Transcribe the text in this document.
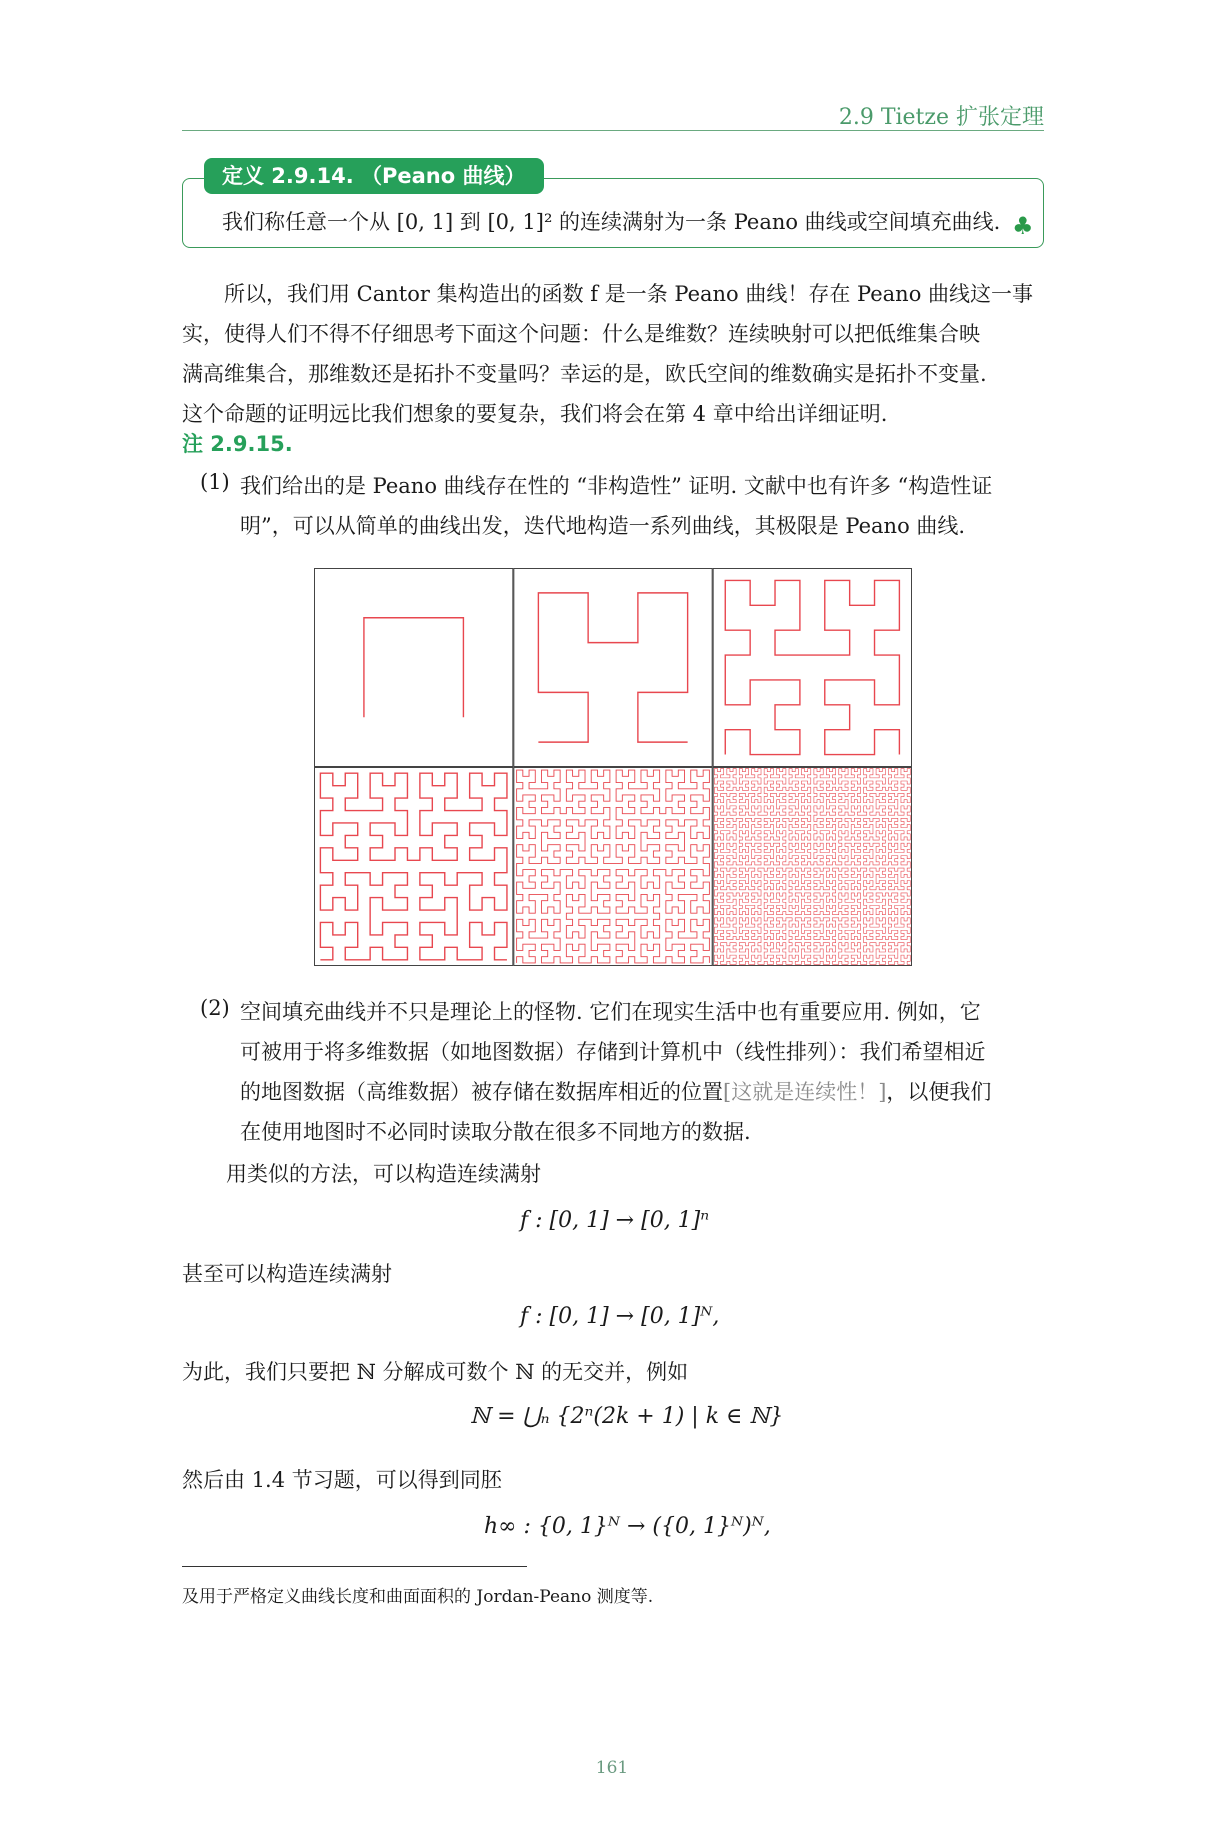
2.9 Tietze 扩张定理
定义 2.9.14. （Peano 曲线）
我们称任意一个从 [0, 1] 到 [0, 1]² 的连续满射为一条 Peano 曲线或空间填充曲线. ♣
所以，我们用 Cantor 集构造出的函数 f 是一条 Peano 曲线！存在 Peano 曲线这一事
实，使得人们不得不仔细思考下面这个问题：什么是维数？连续映射可以把低维集合映
满高维集合，那维数还是拓扑不变量吗？幸运的是，欧氏空间的维数确实是拓扑不变量.
这个命题的证明远比我们想象的要复杂，我们将会在第 4 章中给出详细证明.
注 2.9.15.
(1) 我们给出的是 Peano 曲线存在性的 “非构造性” 证明. 文献中也有许多 “构造性证
明”，可以从简单的曲线出发，迭代地构造一系列曲线，其极限是 Peano 曲线.
(2) 空间填充曲线并不只是理论上的怪物. 它们在现实生活中也有重要应用. 例如，它
可被用于将多维数据（如地图数据）存储到计算机中（线性排列）：我们希望相近
的地图数据（高维数据）被存储在数据库相近的位置[这就是连续性！]，以便我们
在使用地图时不必同时读取分散在很多不同地方的数据.
用类似的方法，可以构造连续满射
f : [0, 1] → [0, 1]ⁿ
甚至可以构造连续满射
f : [0, 1] → [0, 1]ᴺ,
为此，我们只要把 ℕ 分解成可数个 ℕ 的无交并，例如
ℕ = ⋃ₙ {2ⁿ(2k + 1) | k ∈ ℕ}
然后由 1.4 节习题，可以得到同胚
h∞ : {0, 1}ᴺ → ({0, 1}ᴺ)ᴺ,
及用于严格定义曲线长度和曲面面积的 Jordan-Peano 测度等.
161
